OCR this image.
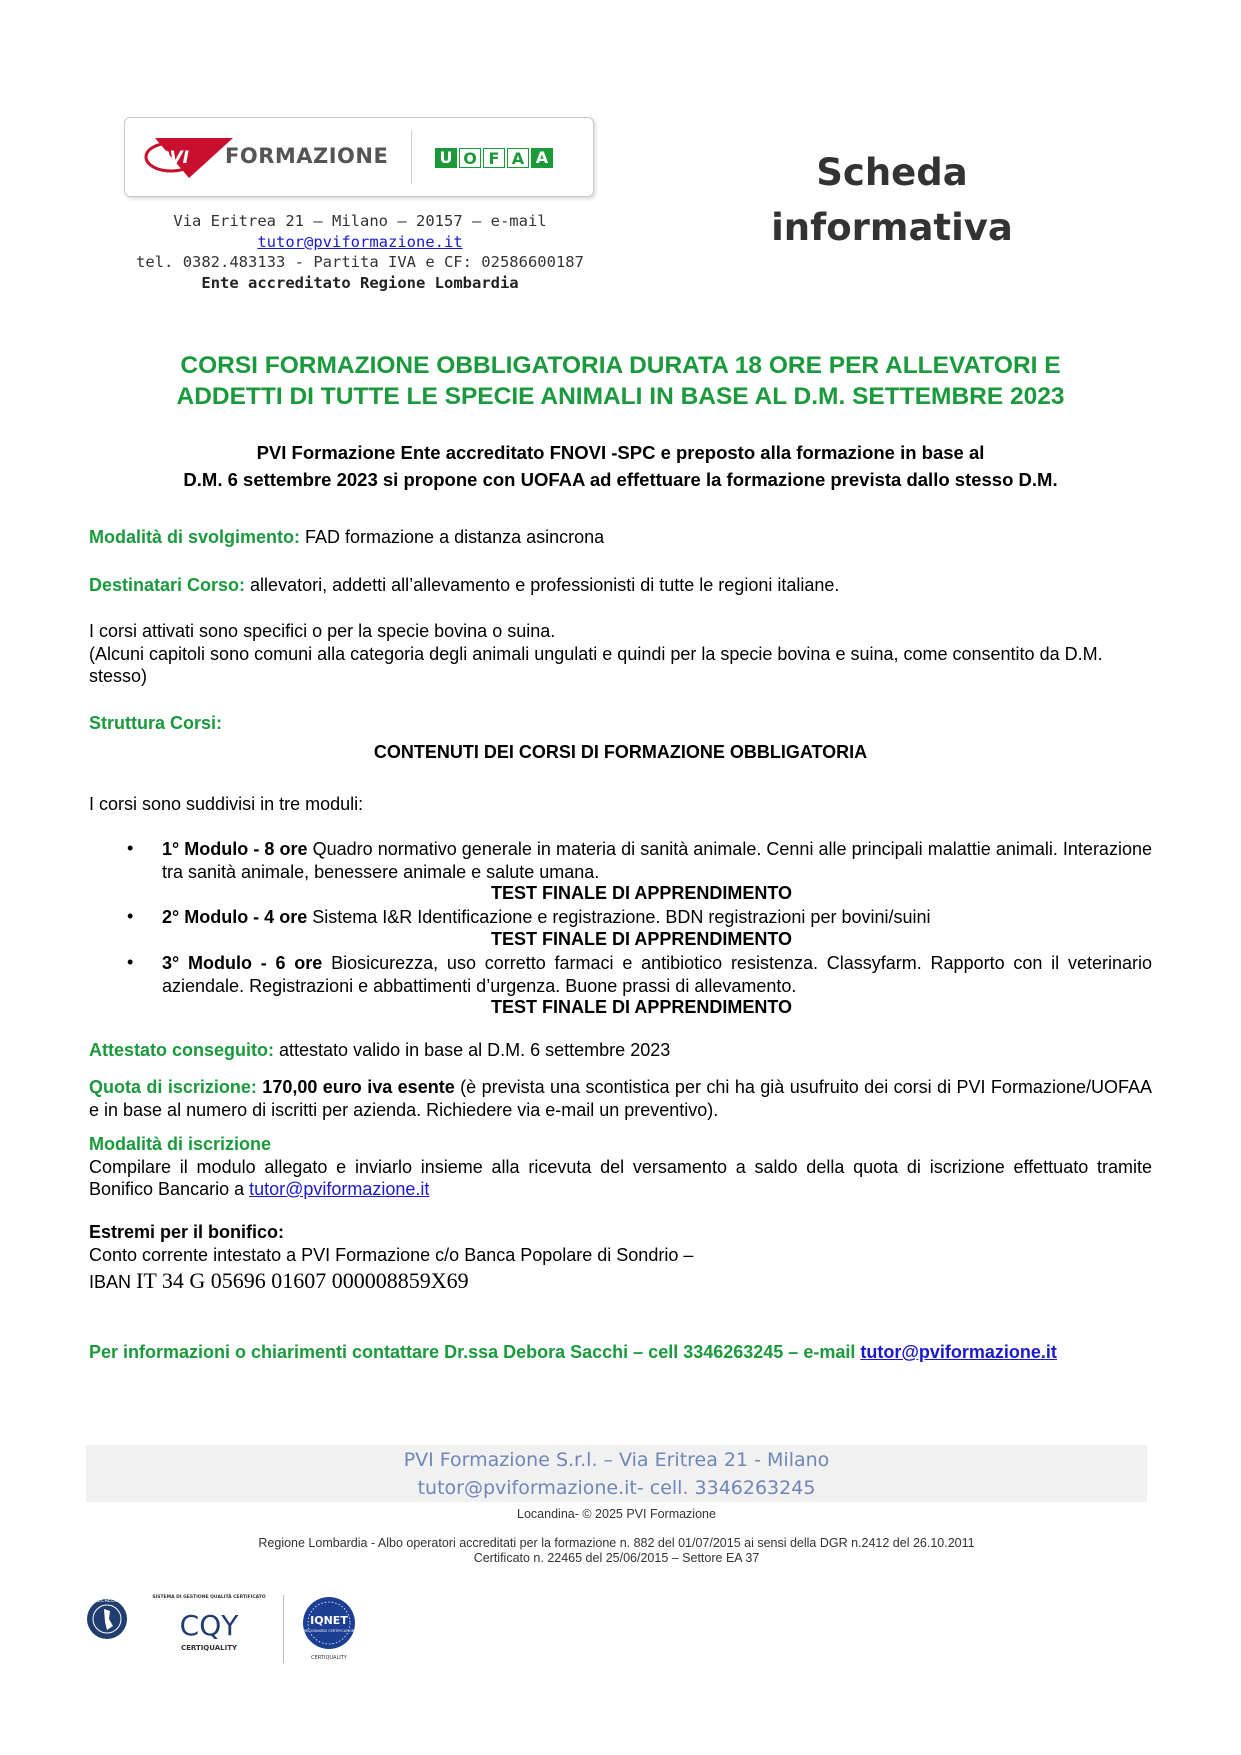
PVI FORMAZIONE	U O F A A
Via Eritrea 21 – Milano – 20157 – e-mail
tutor@pviformazione.it
tel. 0382.483133 - Partita IVA e CF: 02586600187
Ente accreditato Regione Lombardia
Scheda
informativa
CORSI FORMAZIONE OBBLIGATORIA DURATA 18 ORE PER ALLEVATORI E
ADDETTI DI TUTTE LE SPECIE ANIMALI IN BASE AL D.M. SETTEMBRE 2023
PVI Formazione Ente accreditato FNOVI -SPC e preposto alla formazione in base al
D.M. 6 settembre 2023 si propone con UOFAA ad effettuare la formazione prevista dallo stesso D.M.
Modalità di svolgimento: FAD formazione a distanza asincrona
Destinatari Corso: allevatori, addetti all’allevamento e professionisti di tutte le regioni italiane.
I corsi attivati sono specifici o per la specie bovina o suina.
(Alcuni capitoli sono comuni alla categoria degli animali ungulati e quindi per la specie bovina e suina, come consentito da D.M. stesso)
Struttura Corsi:
CONTENUTI DEI CORSI DI FORMAZIONE OBBLIGATORIA
I corsi sono suddivisi in tre moduli:
• 1° Modulo - 8 ore Quadro normativo generale in materia di sanità animale. Cenni alle principali malattie animali. Interazione tra sanità animale, benessere animale e salute umana.
TEST FINALE DI APPRENDIMENTO
• 2° Modulo - 4 ore Sistema I&R Identificazione e registrazione. BDN registrazioni per bovini/suini
TEST FINALE DI APPRENDIMENTO
• 3° Modulo - 6 ore Biosicurezza, uso corretto farmaci e antibiotico resistenza. Classyfarm. Rapporto con il veterinario aziendale. Registrazioni e abbattimenti d’urgenza. Buone prassi di allevamento.
TEST FINALE DI APPRENDIMENTO
Attestato conseguito: attestato valido in base al D.M. 6 settembre 2023
Quota di iscrizione: 170,00 euro iva esente (è prevista una scontistica per chi ha già usufruito dei corsi di PVI Formazione/UOFAA e in base al numero di iscritti per azienda. Richiedere via e-mail un preventivo).
Modalità di iscrizione
Compilare il modulo allegato e inviarlo insieme alla ricevuta del versamento a saldo della quota di iscrizione effettuato tramite Bonifico Bancario a tutor@pviformazione.it
Estremi per il bonifico:
Conto corrente intestato a PVI Formazione c/o Banca Popolare di Sondrio –
IBAN IT 34 G 05696 01607 000008859X69
Per informazioni o chiarimenti contattare Dr.ssa Debora Sacchi – cell 3346263245 – e-mail tutor@pviformazione.it
PVI Formazione S.r.l. – Via Eritrea 21 - Milano
tutor@pviformazione.it- cell. 3346263245
Locandina- © 2025 PVI Formazione
Regione Lombardia - Albo operatori accreditati per la formazione n. 882 del 01/07/2015 ai sensi della DGR n.2412 del 26.10.2011
Certificato n. 22465 del 25/06/2015 – Settore EA 37
ACCREDIA
SISTEMA DI GESTIONE QUALITÀ CERTIFICATO
CQY
CERTIQUALITY
IQNET
RECOGNIZED CERTIFICATION
CERTIQUALITY
